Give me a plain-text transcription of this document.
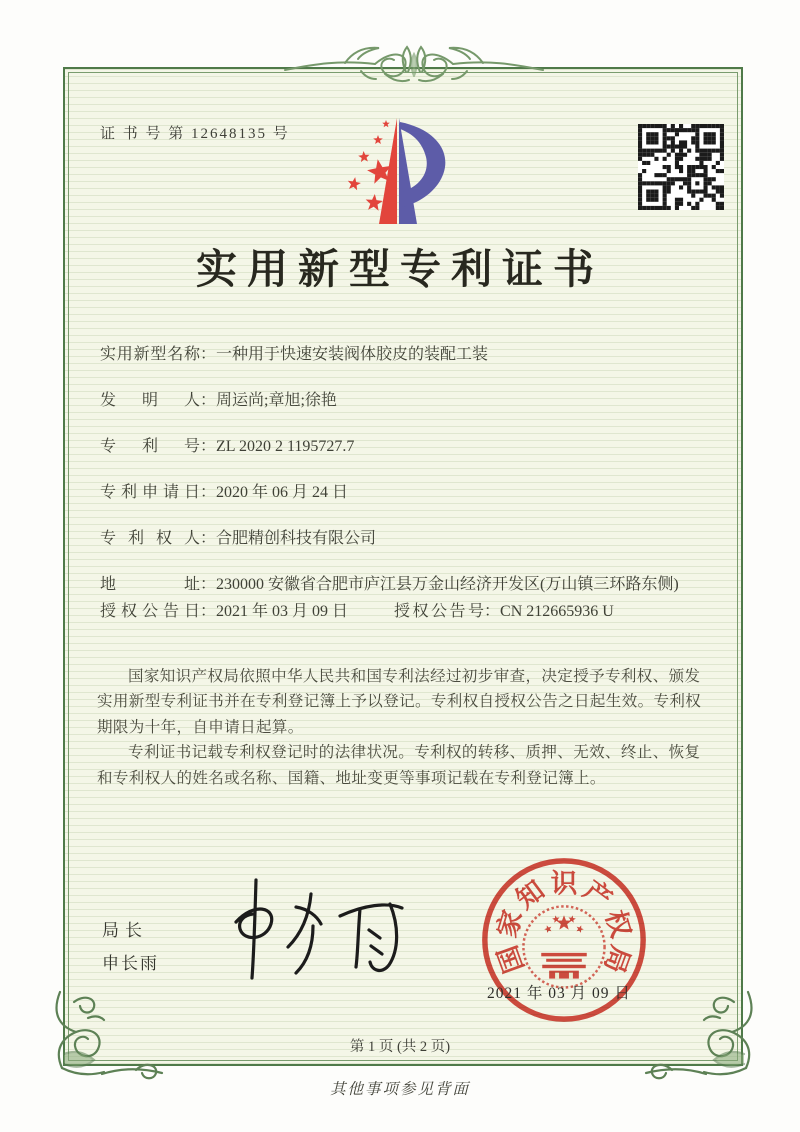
证 书 号 第 12648135 号
实用新型专利证书
实用新型名称 ： 一种用于快速安装阀体胶皮的装配工装
发明人 ： 周运尚;章旭;徐艳
专利号 ： ZL 2020 2 1195727.7
专利申请日 ： 2020 年 06 月 24 日
专利权人 ： 合肥精创科技有限公司
地址 ： 230000 安徽省合肥市庐江县万金山经济开发区(万山镇三环路东侧)
授权公告日 ： 2021 年 03 月 09 日	授权公告号 ： CN 212665936 U

国家知识产权局依照中华人民共和国专利法经过初步审查，决定授予专利权、颁发实用新型专利证书并在专利登记簿上予以登记。专利权自授权公告之日起生效。专利权期限为十年，自申请日起算。

专利证书记载专利权登记时的法律状况。专利权的转移、质押、无效、终止、恢复和专利权人的姓名或名称、国籍、地址变更等事项记载在专利登记簿上。

局长
申长雨	国
家
知 识 产
权
局
2021 年 03 月 09 日
第 1 页 (共 2 页)
其他事项参见背面
